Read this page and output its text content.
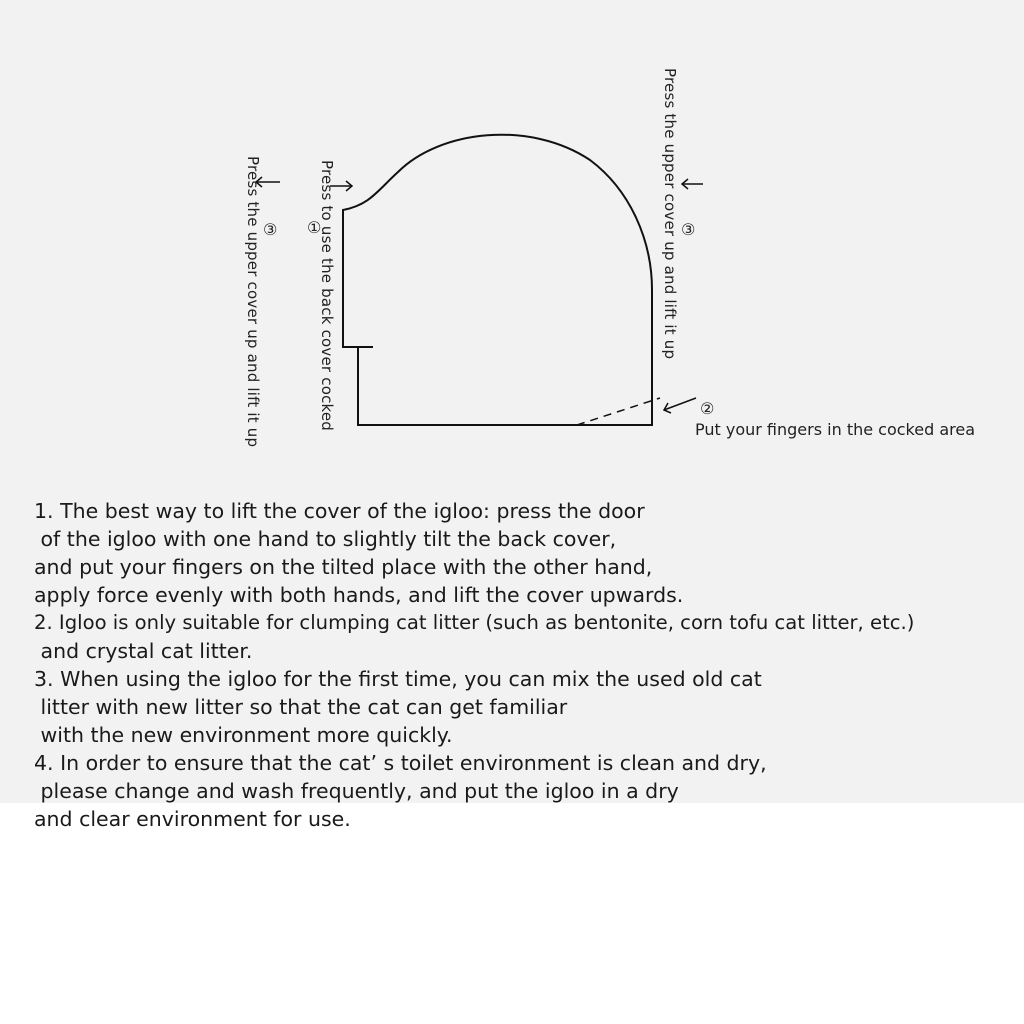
Press the upper cover up and lift it up	Press to use the back cover cocked	Press the upper cover up and lift it up
③ ①	③
②
Put your fingers in the cocked area
1. The best way to lift the cover of the igloo: press the door
of the igloo with one hand to slightly tilt the back cover,
and put your fingers on the tilted place with the other hand,
apply force evenly with both hands, and lift the cover upwards.
2. Igloo is only suitable for clumping cat litter (such as bentonite, corn tofu cat litter, etc.)
and crystal cat litter.
3. When using the igloo for the first time, you can mix the used old cat
litter with new litter so that the cat can get familiar
with the new environment more quickly.
4. In order to ensure that the cat’ s toilet environment is clean and dry,
please change and wash frequently, and put the igloo in a dry
and clear environment for use.
